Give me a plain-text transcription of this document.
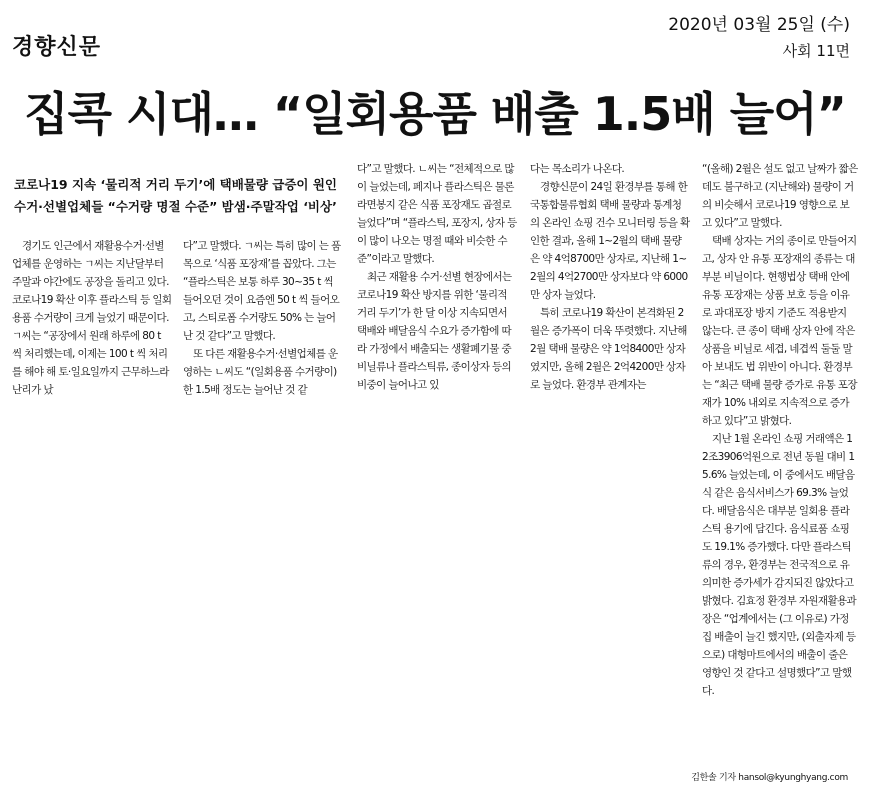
경향신문
2020년 03월 25일 (수)
사회 11면
집콕 시대… “일회용품 배출 1.5배 늘어”
코로나19 지속 ‘물리적 거리 두기’에 택배물량 급증이 원인
수거·선별업체들 “수거량 명절 수준” 밤샘·주말작업 ‘비상’

경기도 인근에서 재활용수거·선별업체를 운영하는 ㄱ씨는 지난달부터 주말과 야간에도 공장을 돌리고 있다. 코로나19 확산 이후 플라스틱 등 일회용품 수거량이 크게 늘었기 때문이다. ㄱ씨는 “공장에서 원래 하루에 80 t 씩 처리했는데, 이제는 100 t 씩 처리를 해야 해 토·일요일까지 근무하느라 난리가 났

다”고 말했다. ㄱ씨는 특히 많이 는 품목으로 ‘식품 포장재’를 꼽았다. 그는 “플라스틱은 보통 하루 30~35 t 씩 들어오던 것이 요즘엔 50 t 씩 들어오고, 스티로폼 수거량도 50% 는 늘어난 것 같다”고 말했다.

또 다른 재활용수거·선별업체를 운영하는 ㄴ씨도 “(일회용품 수거량이) 한 1.5배 정도는 늘어난 것 같

다”고 말했다. ㄴ씨는 “전체적으로 많이 늘었는데, 페지나 플라스틱은 물론 라면봉지 같은 식품 포장재도 곱절로 늘었다”며 “플라스틱, 포장지, 상자 등이 많이 나오는 명절 때와 비슷한 수준”이라고 말했다.

최근 재활용 수거·선별 현장에서는 코로나19 확산 방지를 위한 ‘물리적 거리 두기’가 한 달 이상 지속되면서 택배와 배달음식 수요가 증가함에 따라 가정에서 배출되는 생활폐기물 중 비닐류나 플라스틱류, 종이상자 등의 비중이 늘어나고 있

다는 목소리가 나온다.

경향신문이 24일 환경부를 통해 한국통합물류협회 택배 물량과 통계청의 온라인 쇼핑 건수 모니터링 등을 확인한 결과, 올해 1~2월의 택배 물량은 약 4억8700만 상자로, 지난해 1~2월의 4억2700만 상자보다 약 6000만 상자 늘었다.

특히 코로나19 확산이 본격화된 2월은 증가폭이 더욱 뚜렷했다. 지난해 2월 택배 물량은 약 1억8400만 상자였지만, 올해 2월은 2억4200만 상자로 늘었다. 환경부 관계자는

“(올해) 2월은 설도 없고 날짜가 짧은데도 불구하고 (지난해와) 물량이 거의 비슷해서 코로나19 영향으로 보고 있다”고 말했다.

택배 상자는 거의 종이로 만들어지고, 상자 안 유통 포장재의 종류는 대부분 비닐이다. 현행법상 택배 안에 유통 포장재는 상품 보호 등을 이유로 과대포장 방지 기준도 적용받지 않는다. 큰 종이 택배 상자 안에 작은 상품을 비닐로 세겹, 네겹씩 둘둘 말아 보내도 법 위반이 아니다. 환경부는 “최근 택배 물량 증가로 유통 포장재가 10% 내외로 지속적으로 증가하고 있다”고 밝혔다.

지난 1월 온라인 쇼핑 거래액은 12조3906억원으로 전년 동월 대비 15.6% 늘었는데, 이 중에서도 배달음식 같은 음식서비스가 69.3% 늘었다. 배달음식은 대부분 일회용 플라스틱 용기에 담긴다. 음식료품 쇼핑도 19.1% 증가했다. 다만 플라스틱류의 경우, 환경부는 전국적으로 유의미한 증가세가 감지되진 않았다고 밝혔다. 김효정 환경부 자원재활용과장은 “업계에서는 (그 이유로) 가정집 배출이 늘긴 했지만, (외출자제 등으로) 대형마트에서의 배출이 줄은 영향인 것 같다고 설명했다”고 말했다.

김한솔 기자 hansol@kyunghyang.com
